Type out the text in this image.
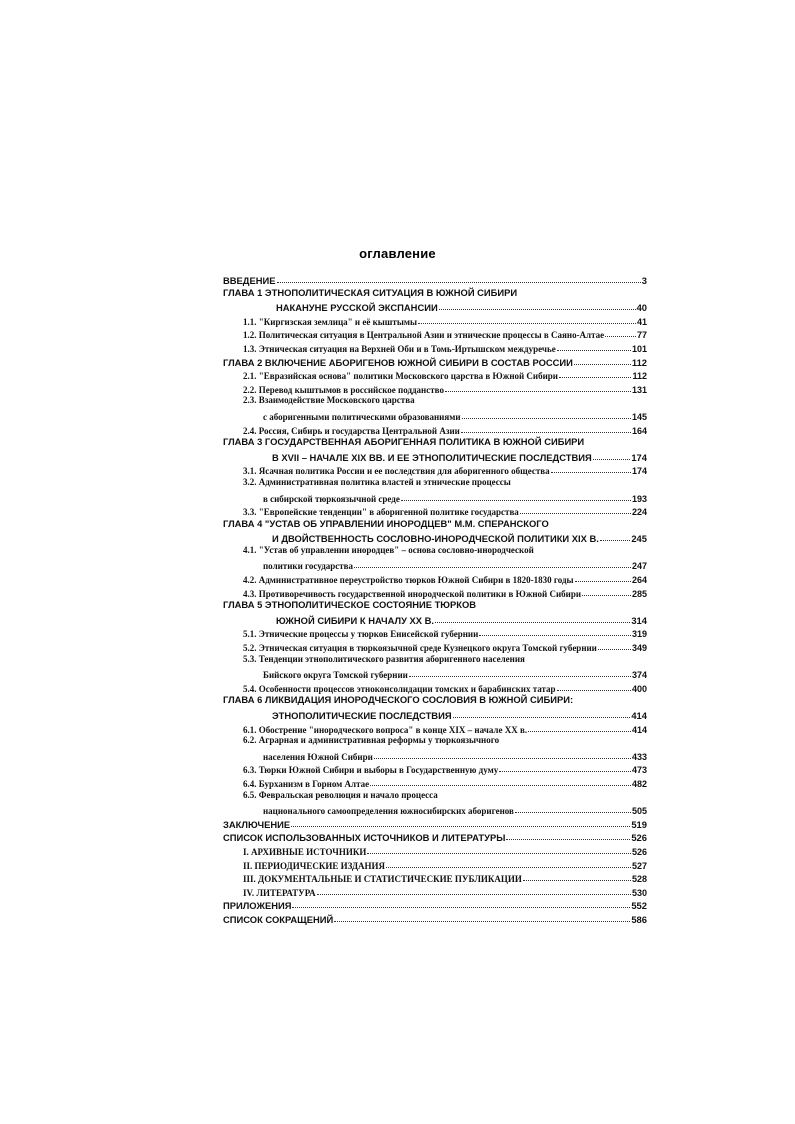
оглавление
ВВЕДЕНИЕ	3
ГЛАВА 1 ЭТНОПОЛИТИЧЕСКАЯ СИТУАЦИЯ В ЮЖНОЙ СИБИРИ
НАКАНУНЕ РУССКОЙ ЭКСПАНСИИ	40
1.1. "Киргизская землица" и её кыштымы	41
1.2. Политическая ситуация в Центральной Азии и этнические процессы в Саяно-Алтае	77
1.3. Этническая ситуация на Верхней Оби и в Томь-Иртышском междуречье	101
ГЛАВА 2 ВКЛЮЧЕНИЕ АБОРИГЕНОВ ЮЖНОЙ СИБИРИ В СОСТАВ РОССИИ	112
2.1. "Евразийская основа" политики Московского царства в Южной Сибири	112
2.2. Перевод кыштымов в российское подданство	131
2.3. Взаимодействие Московского царства
с аборигенными политическими образованиями	145
2.4. Россия, Сибирь и государства Центральной Азии	164
ГЛАВА 3 ГОСУДАРСТВЕННАЯ АБОРИГЕННАЯ ПОЛИТИКА В ЮЖНОЙ СИБИРИ
В XVII – НАЧАЛЕ XIX ВВ. И ЕЕ ЭТНОПОЛИТИЧЕСКИЕ ПОСЛЕДСТВИЯ	174
3.1. Ясачная политика России и ее последствия для аборигенного общества	174
3.2. Административная политика властей и этнические процессы
в сибирской тюркоязычной среде	193
3.3. "Европейские тенденции" в аборигенной политике государства	224
ГЛАВА 4 "УСТАВ ОБ УПРАВЛЕНИИ ИНОРОДЦЕВ" М.М. СПЕРАНСКОГО
И ДВОЙСТВЕННОСТЬ СОСЛОВНО-ИНОРОДЧЕСКОЙ ПОЛИТИКИ XIX В.	245
4.1. "Устав об управлении инородцев" – основа сословно-инородческой
политики государства	247
4.2. Административное переустройство тюрков Южной Сибири в 1820-1830 годы	264
4.3. Противоречивость государственной инородческой политики в Южной Сибири	285
ГЛАВА 5 ЭТНОПОЛИТИЧЕСКОЕ СОСТОЯНИЕ ТЮРКОВ
ЮЖНОЙ СИБИРИ К НАЧАЛУ XX В.	314
5.1. Этнические процессы у тюрков Енисейской губернии	319
5.2. Этническая ситуация в тюркоязычной среде Кузнецкого округа Томской губернии	349
5.3. Тенденции этнополитического развития аборигенного населения
Бийского округа Томской губернии	374
5.4. Особенности процессов этноконсолидации томских и барабинских татар	400
ГЛАВА 6 ЛИКВИДАЦИЯ ИНОРОДЧЕСКОГО СОСЛОВИЯ В ЮЖНОЙ СИБИРИ:
ЭТНОПОЛИТИЧЕСКИЕ ПОСЛЕДСТВИЯ	414
6.1. Обострение "инородческого вопроса" в конце XIX – начале XX в.	414
6.2. Аграрная и административная реформы у тюркоязычного
населения Южной Сибири	433
6.3. Тюрки Южной Сибири и выборы в Государственную думу	473
6.4. Бурханизм в Горном Алтае	482
6.5. Февральская революция и начало процесса
национального самоопределения южносибирских аборигенов	505
ЗАКЛЮЧЕНИЕ	519
СПИСОК ИСПОЛЬЗОВАННЫХ ИСТОЧНИКОВ И ЛИТЕРАТУРЫ	526
I. АРХИВНЫЕ ИСТОЧНИКИ	526
II. ПЕРИОДИЧЕСКИЕ ИЗДАНИЯ	527
III. ДОКУМЕНТАЛЬНЫЕ И СТАТИСТИЧЕСКИЕ ПУБЛИКАЦИИ	528
IV. ЛИТЕРАТУРА	530
ПРИЛОЖЕНИЯ	552
СПИСОК СОКРАЩЕНИЙ	586
